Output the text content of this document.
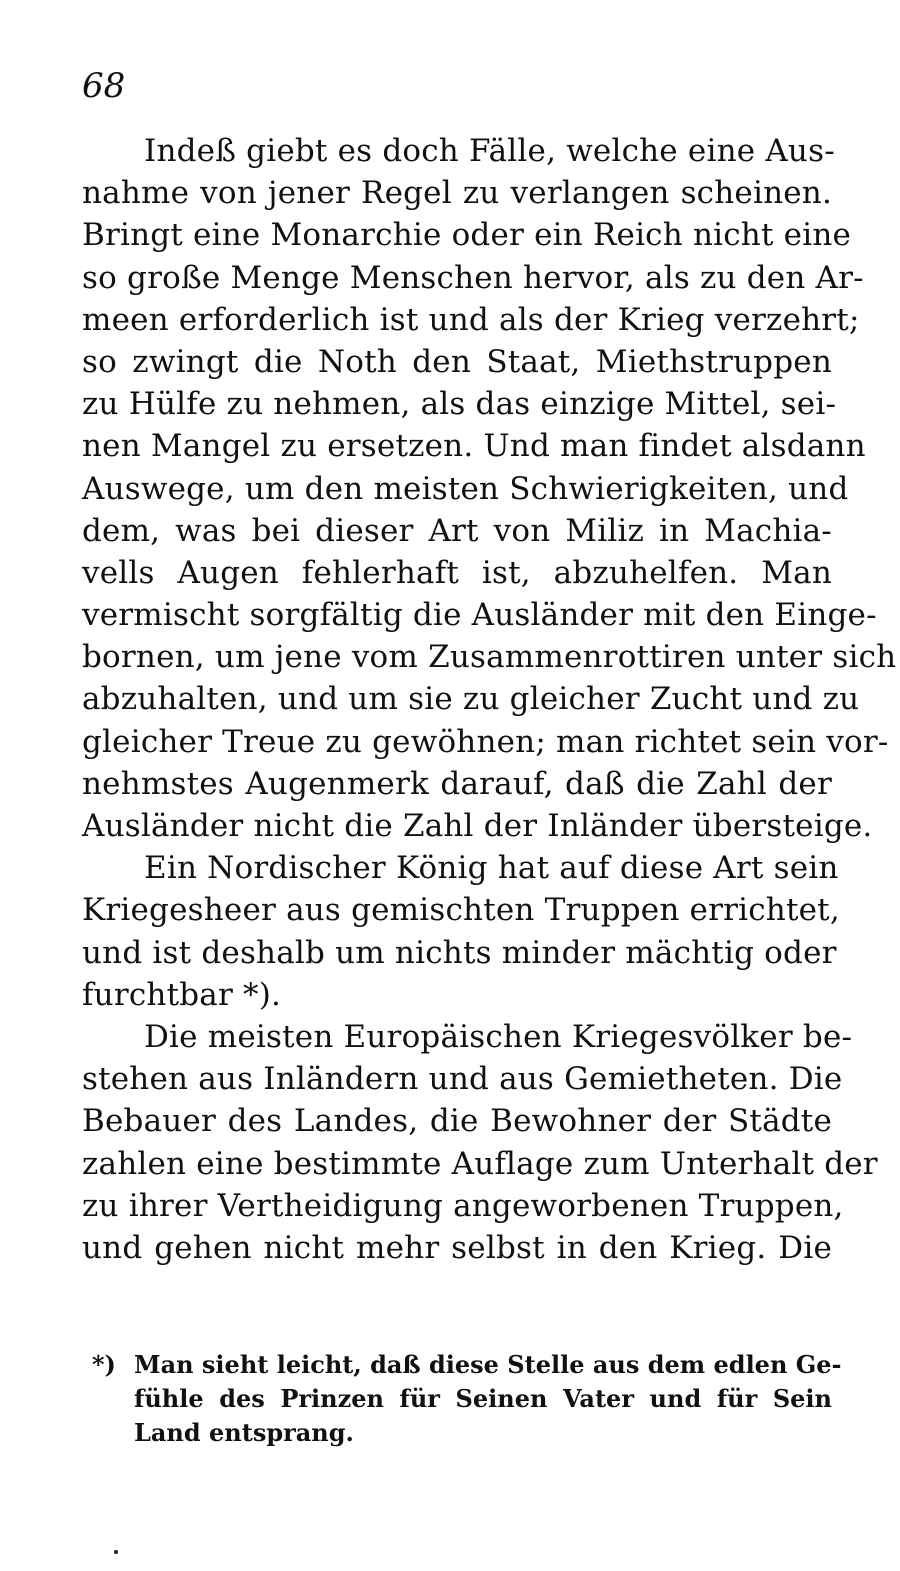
68
Indeß giebt es doch Fälle, welche eine Aus-
nahme von jener Regel zu verlangen scheinen.
Bringt eine Monarchie oder ein Reich nicht eine
so große Menge Menschen hervor, als zu den Ar-
meen erforderlich ist und als der Krieg verzehrt;
so zwingt die Noth den Staat, Miethstruppen
zu Hülfe zu nehmen, als das einzige Mittel, sei-
nen Mangel zu ersetzen. Und man findet alsdann
Auswege, um den meisten Schwierigkeiten, und
dem, was bei dieser Art von Miliz in Machia-
vells Augen fehlerhaft ist, abzuhelfen. Man
vermischt sorgfältig die Ausländer mit den Einge-
bornen, um jene vom Zusammenrottiren unter sich
abzuhalten, und um sie zu gleicher Zucht und zu
gleicher Treue zu gewöhnen; man richtet sein vor-
nehmstes Augenmerk darauf, daß die Zahl der
Ausländer nicht die Zahl der Inländer übersteige.
Ein Nordischer König hat auf diese Art sein
Kriegesheer aus gemischten Truppen errichtet,
und ist deshalb um nichts minder mächtig oder
furchtbar *).
Die meisten Europäischen Kriegesvölker be-
stehen aus Inländern und aus Gemietheten. Die
Bebauer des Landes, die Bewohner der Städte
zahlen eine bestimmte Auflage zum Unterhalt der
zu ihrer Vertheidigung angeworbenen Truppen,
und gehen nicht mehr selbst in den Krieg. Die
*) Man sieht leicht, daß diese Stelle aus dem edlen Ge-
fühle des Prinzen für Seinen Vater und für Sein
Land entsprang.
